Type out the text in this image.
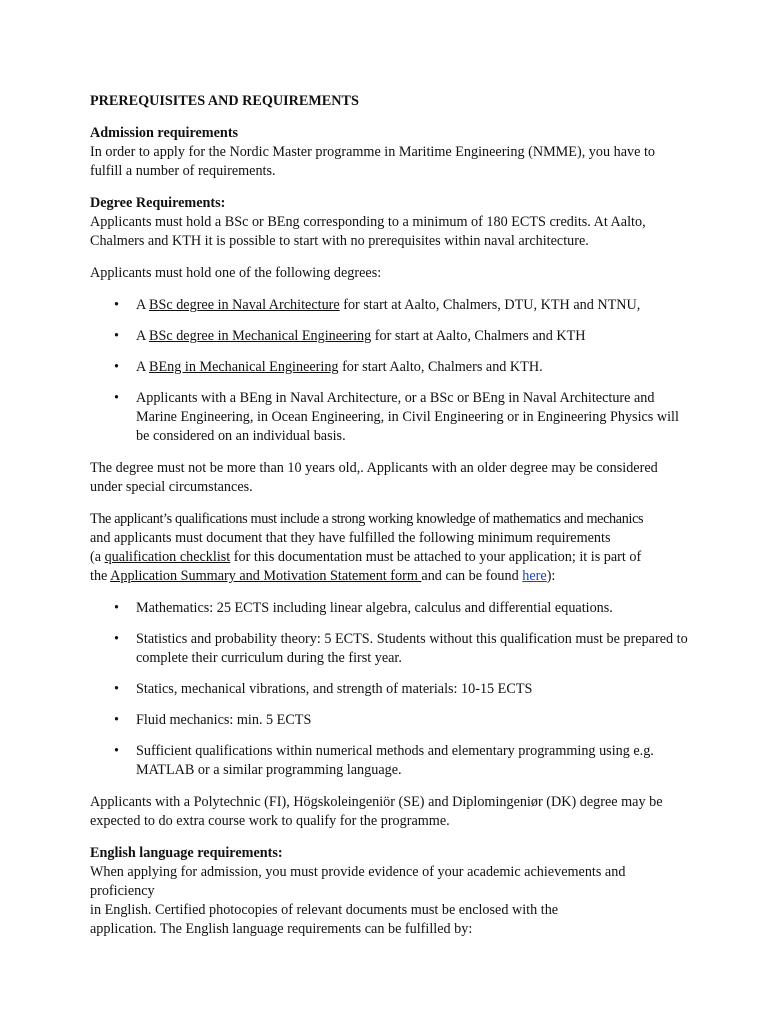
PREREQUISITES AND REQUIREMENTS
Admission requirements
In order to apply for the Nordic Master programme in Maritime Engineering (NMME), you have to fulfill a number of requirements.
Degree Requirements:
Applicants must hold a BSc or BEng corresponding to a minimum of 180 ECTS credits. At Aalto, Chalmers and KTH it is possible to start with no prerequisites within naval architecture.

Applicants must hold one of the following degrees:

• A BSc degree in Naval Architecture for start at Aalto, Chalmers, DTU, KTH and NTNU,
• A BSc degree in Mechanical Engineering for start at Aalto, Chalmers and KTH
• A BEng in Mechanical Engineering for start Aalto, Chalmers and KTH.
• Applicants with a BEng in Naval Architecture, or a BSc or BEng in Naval Architecture and Marine Engineering, in Ocean Engineering, in Civil Engineering or in Engineering Physics will be considered on an individual basis.

The degree must not be more than 10 years old,. Applicants with an older degree may be considered under special circumstances.

The applicant’s qualifications must include a strong working knowledge of mathematics and mechanics
and applicants must document that they have fulfilled the following minimum requirements
(a qualification checklist for this documentation must be attached to your application; it is part of
the Application Summary and Motivation Statement form and can be found here):
• Mathematics: 25 ECTS including linear algebra, calculus and differential equations.
• Statistics and probability theory: 5 ECTS. Students without this qualification must be prepared to complete their curriculum during the first year.
• Statics, mechanical vibrations, and strength of materials: 10-15 ECTS
• Fluid mechanics: min. 5 ECTS
• Sufficient qualifications within numerical methods and elementary programming using e.g. MATLAB or a similar programming language.

Applicants with a Polytechnic (FI), Högskoleingeniör (SE) and Diplomingeniør (DK) degree may be expected to do extra course work to qualify for the programme.

English language requirements:
When applying for admission, you must provide evidence of your academic achievements and proficiency
in English. Certified photocopies of relevant documents must be enclosed with the
application. The English language requirements can be fulfilled by:
